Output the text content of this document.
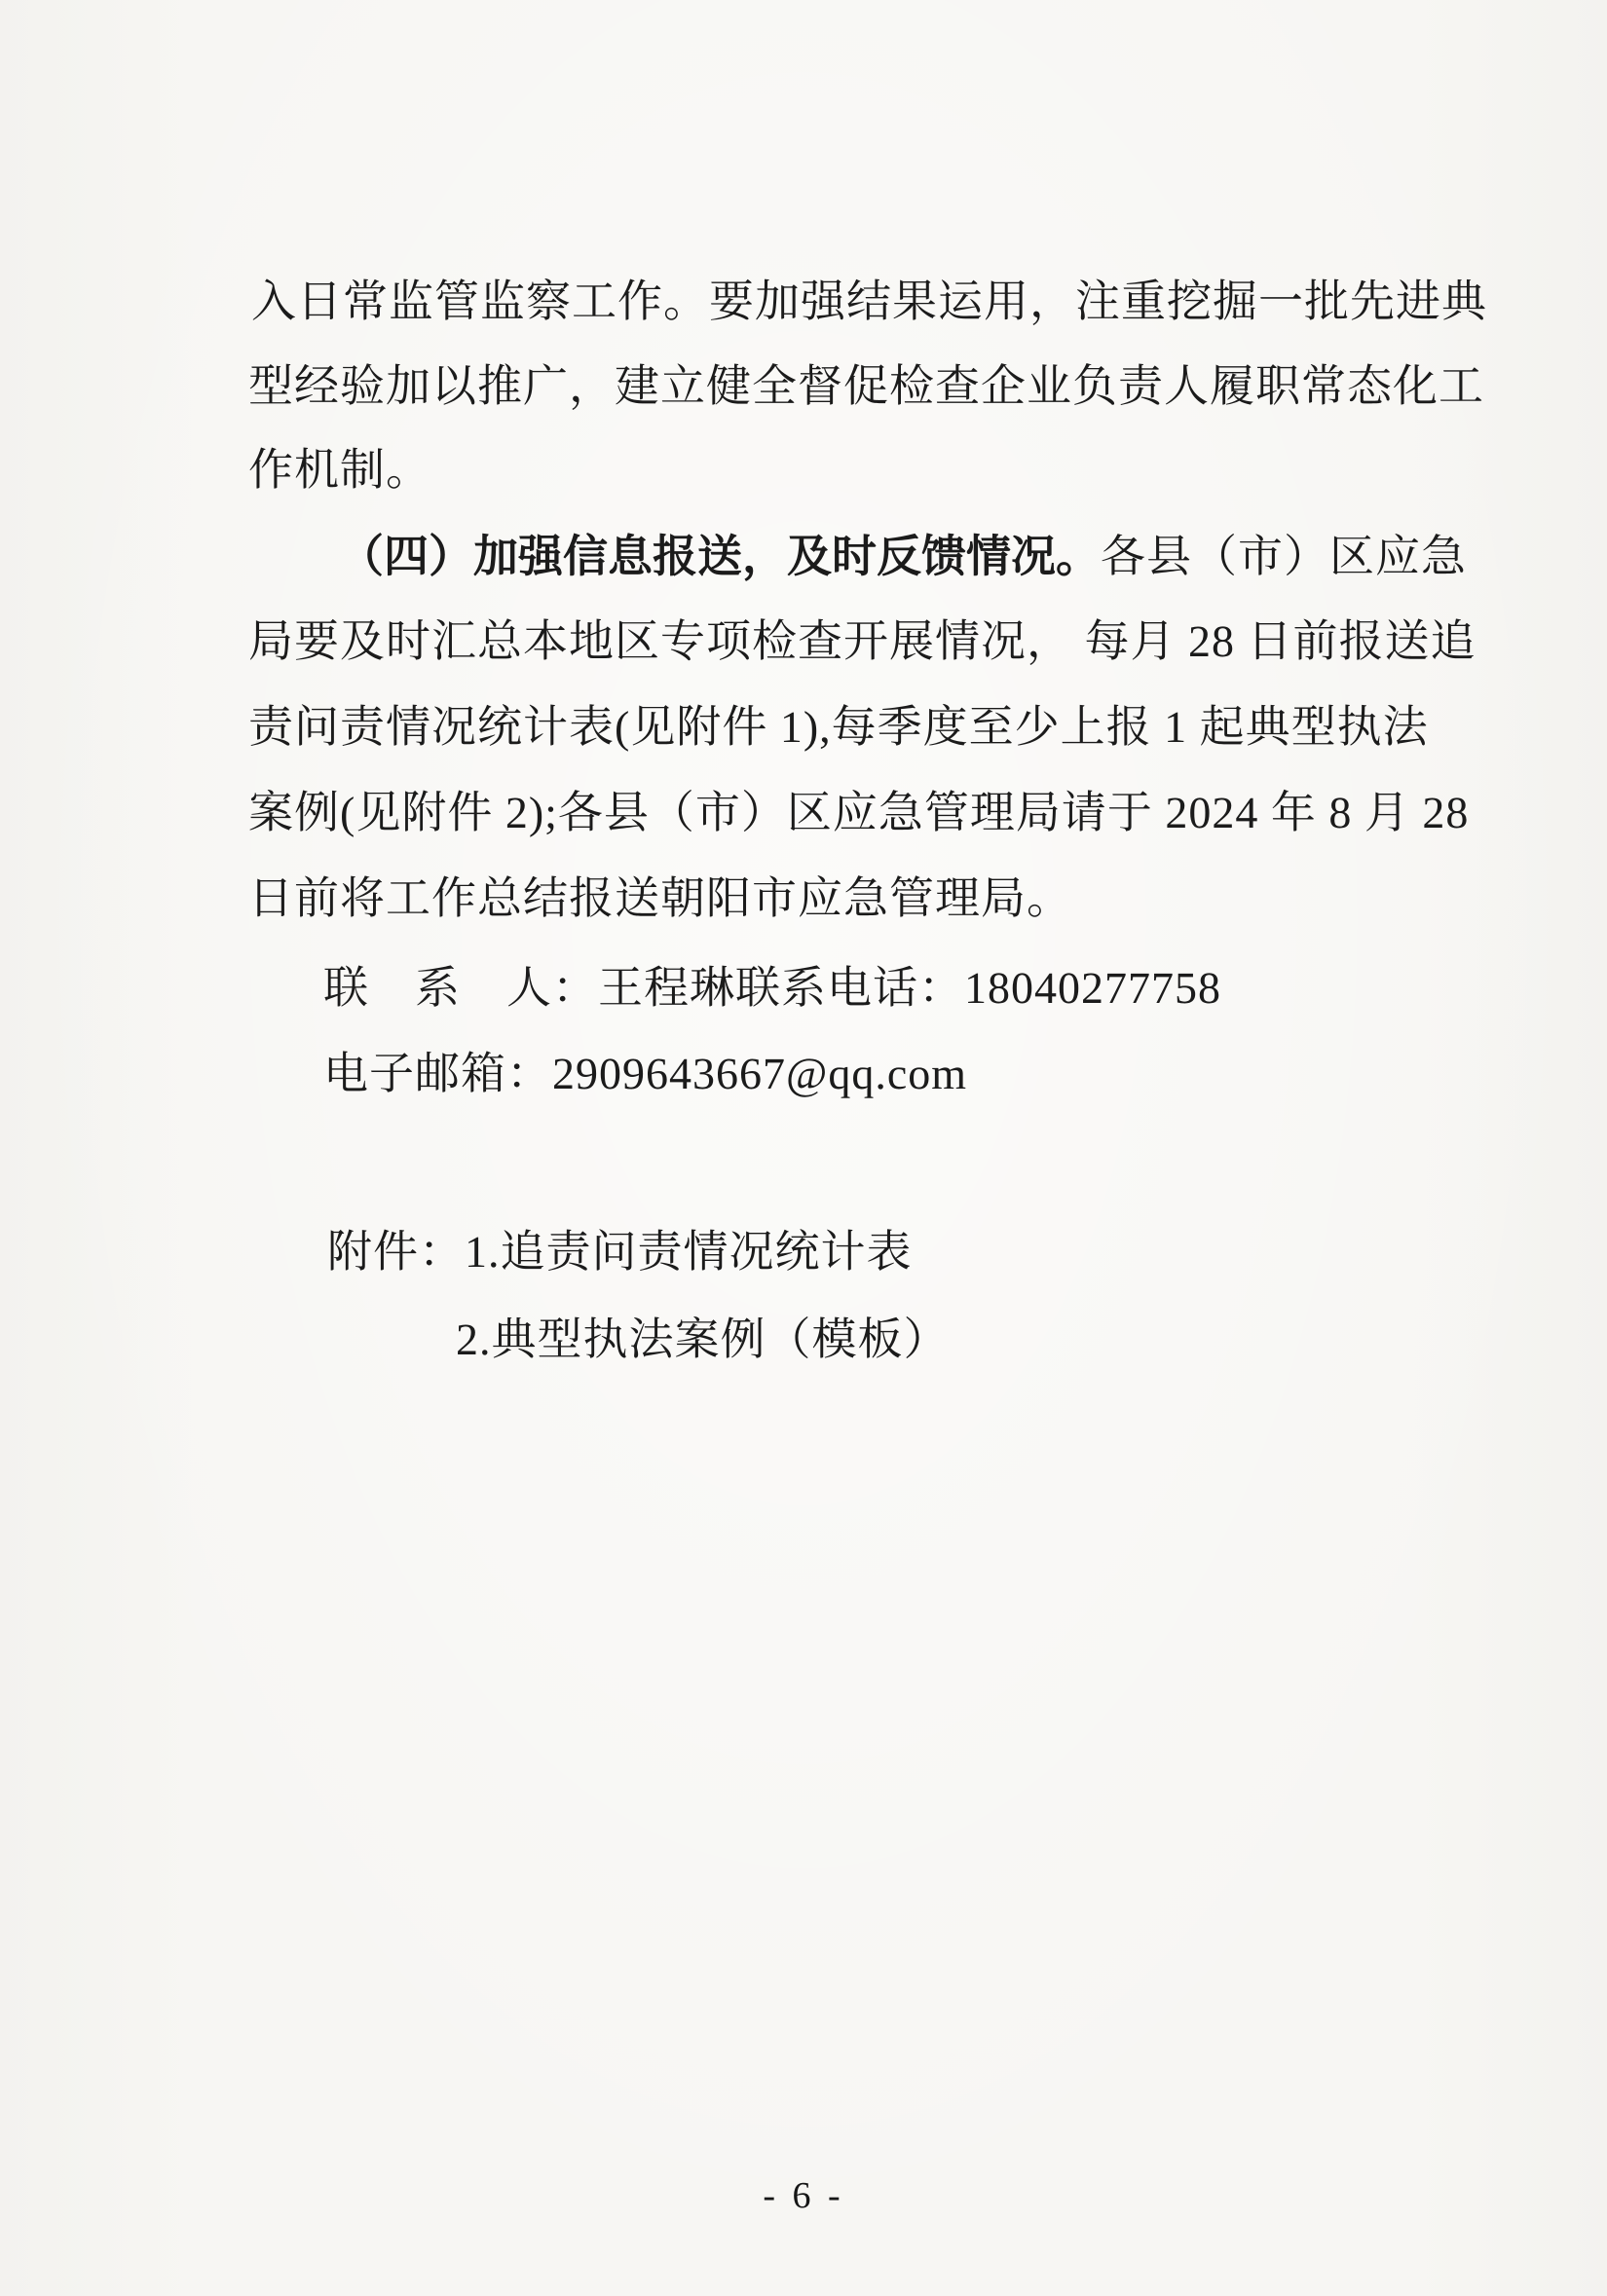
入日常监管监察工作。要加强结果运用，注重挖掘一批先进典
型经验加以推广，建立健全督促检查企业负责人履职常态化工
作机制。
（四）加强信息报送，及时反馈情况。各县（市）区应急
局要及时汇总本地区专项检查开展情况， 每月 28 日前报送追
责问责情况统计表(见附件 1),每季度至少上报 1 起典型执法
案例(见附件 2);各县（市）区应急管理局请于 2024 年 8 月 28
日前将工作总结报送朝阳市应急管理局。
联　系　人：王程琳联系电话：18040277758
电子邮箱：2909643667@qq.com
附件：1.追责问责情况统计表
2.典型执法案例（模板）
- 6 -
